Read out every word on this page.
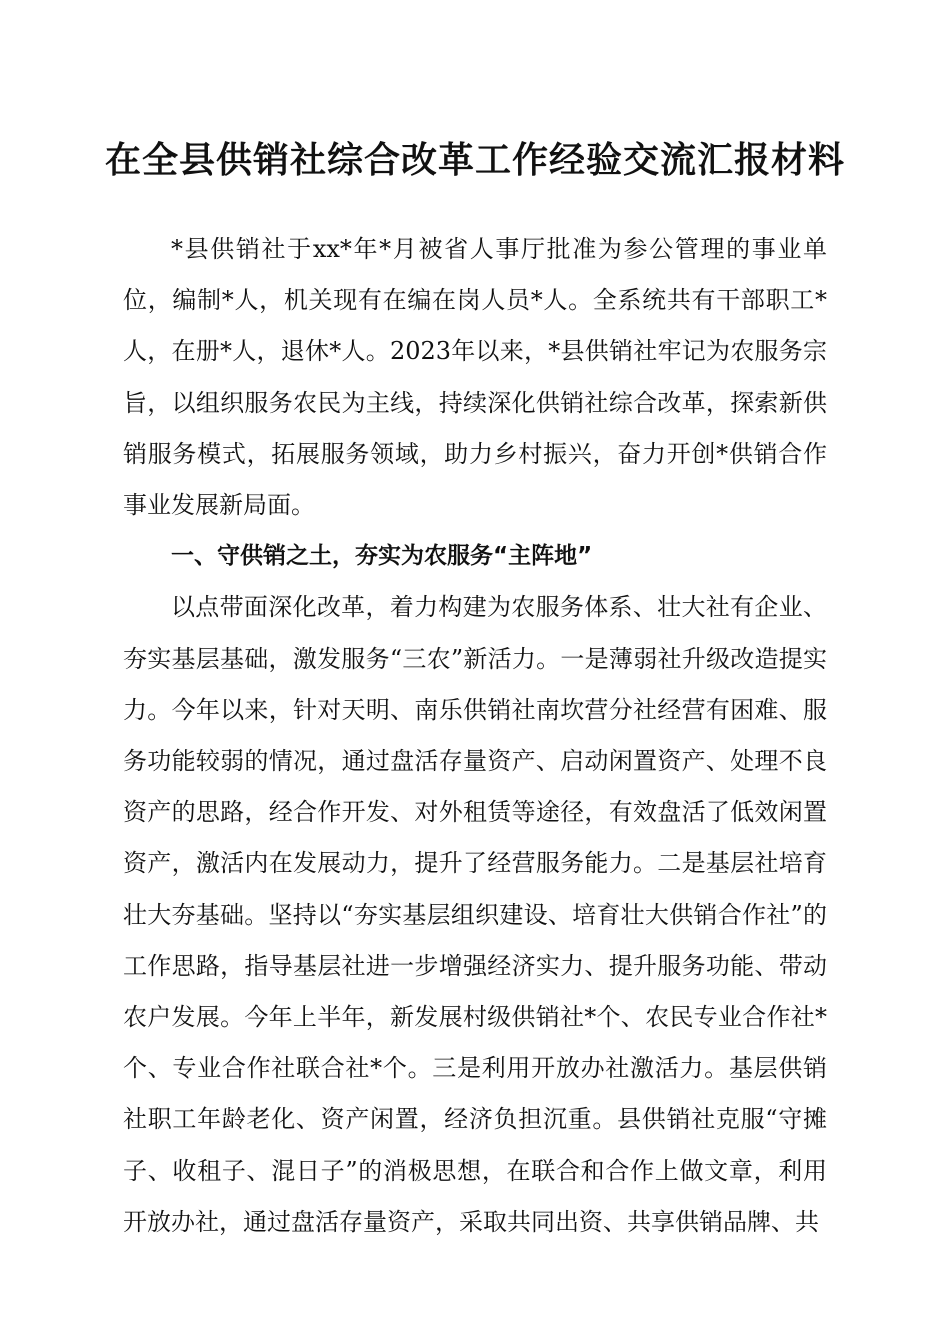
在全县供销社综合改革工作经验交流汇报材料

*县供销社于xx*年*月被省人事厅批准为参公管理的事业单位，编制*人，机关现有在编在岗人员*人。全系统共有干部职工*人，在册*人，退休*人。2023年以来，*县供销社牢记为农服务宗旨，以组织服务农民为主线，持续深化供销社综合改革，探索新供销服务模式，拓展服务领域，助力乡村振兴，奋力开创*供销合作事业发展新局面。

一、守供销之土，夯实为农服务“主阵地”

以点带面深化改革，着力构建为农服务体系、壮大社有企业、夯实基层基础，激发服务“三农”新活力。一是薄弱社升级改造提实力。今年以来，针对天明、南乐供销社南坎营分社经营有困难、服务功能较弱的情况，通过盘活存量资产、启动闲置资产、处理不良资产的思路，经合作开发、对外租赁等途径，有效盘活了低效闲置资产，激活内在发展动力，提升了经营服务能力。二是基层社培育壮大夯基础。坚持以“夯实基层组织建设、培育壮大供销合作社”的工作思路，指导基层社进一步增强经济实力、提升服务功能、带动农户发展。今年上半年，新发展村级供销社*个、农民专业合作社*个、专业合作社联合社*个。三是利用开放办社激活力。基层供销社职工年龄老化、资产闲置，经济负担沉重。县供销社克服“守摊子、收租子、混日子”的消极思想，在联合和合作上做文章，利用开放办社，通过盘活存量资产，采取共同出资、共享供销品牌、共
